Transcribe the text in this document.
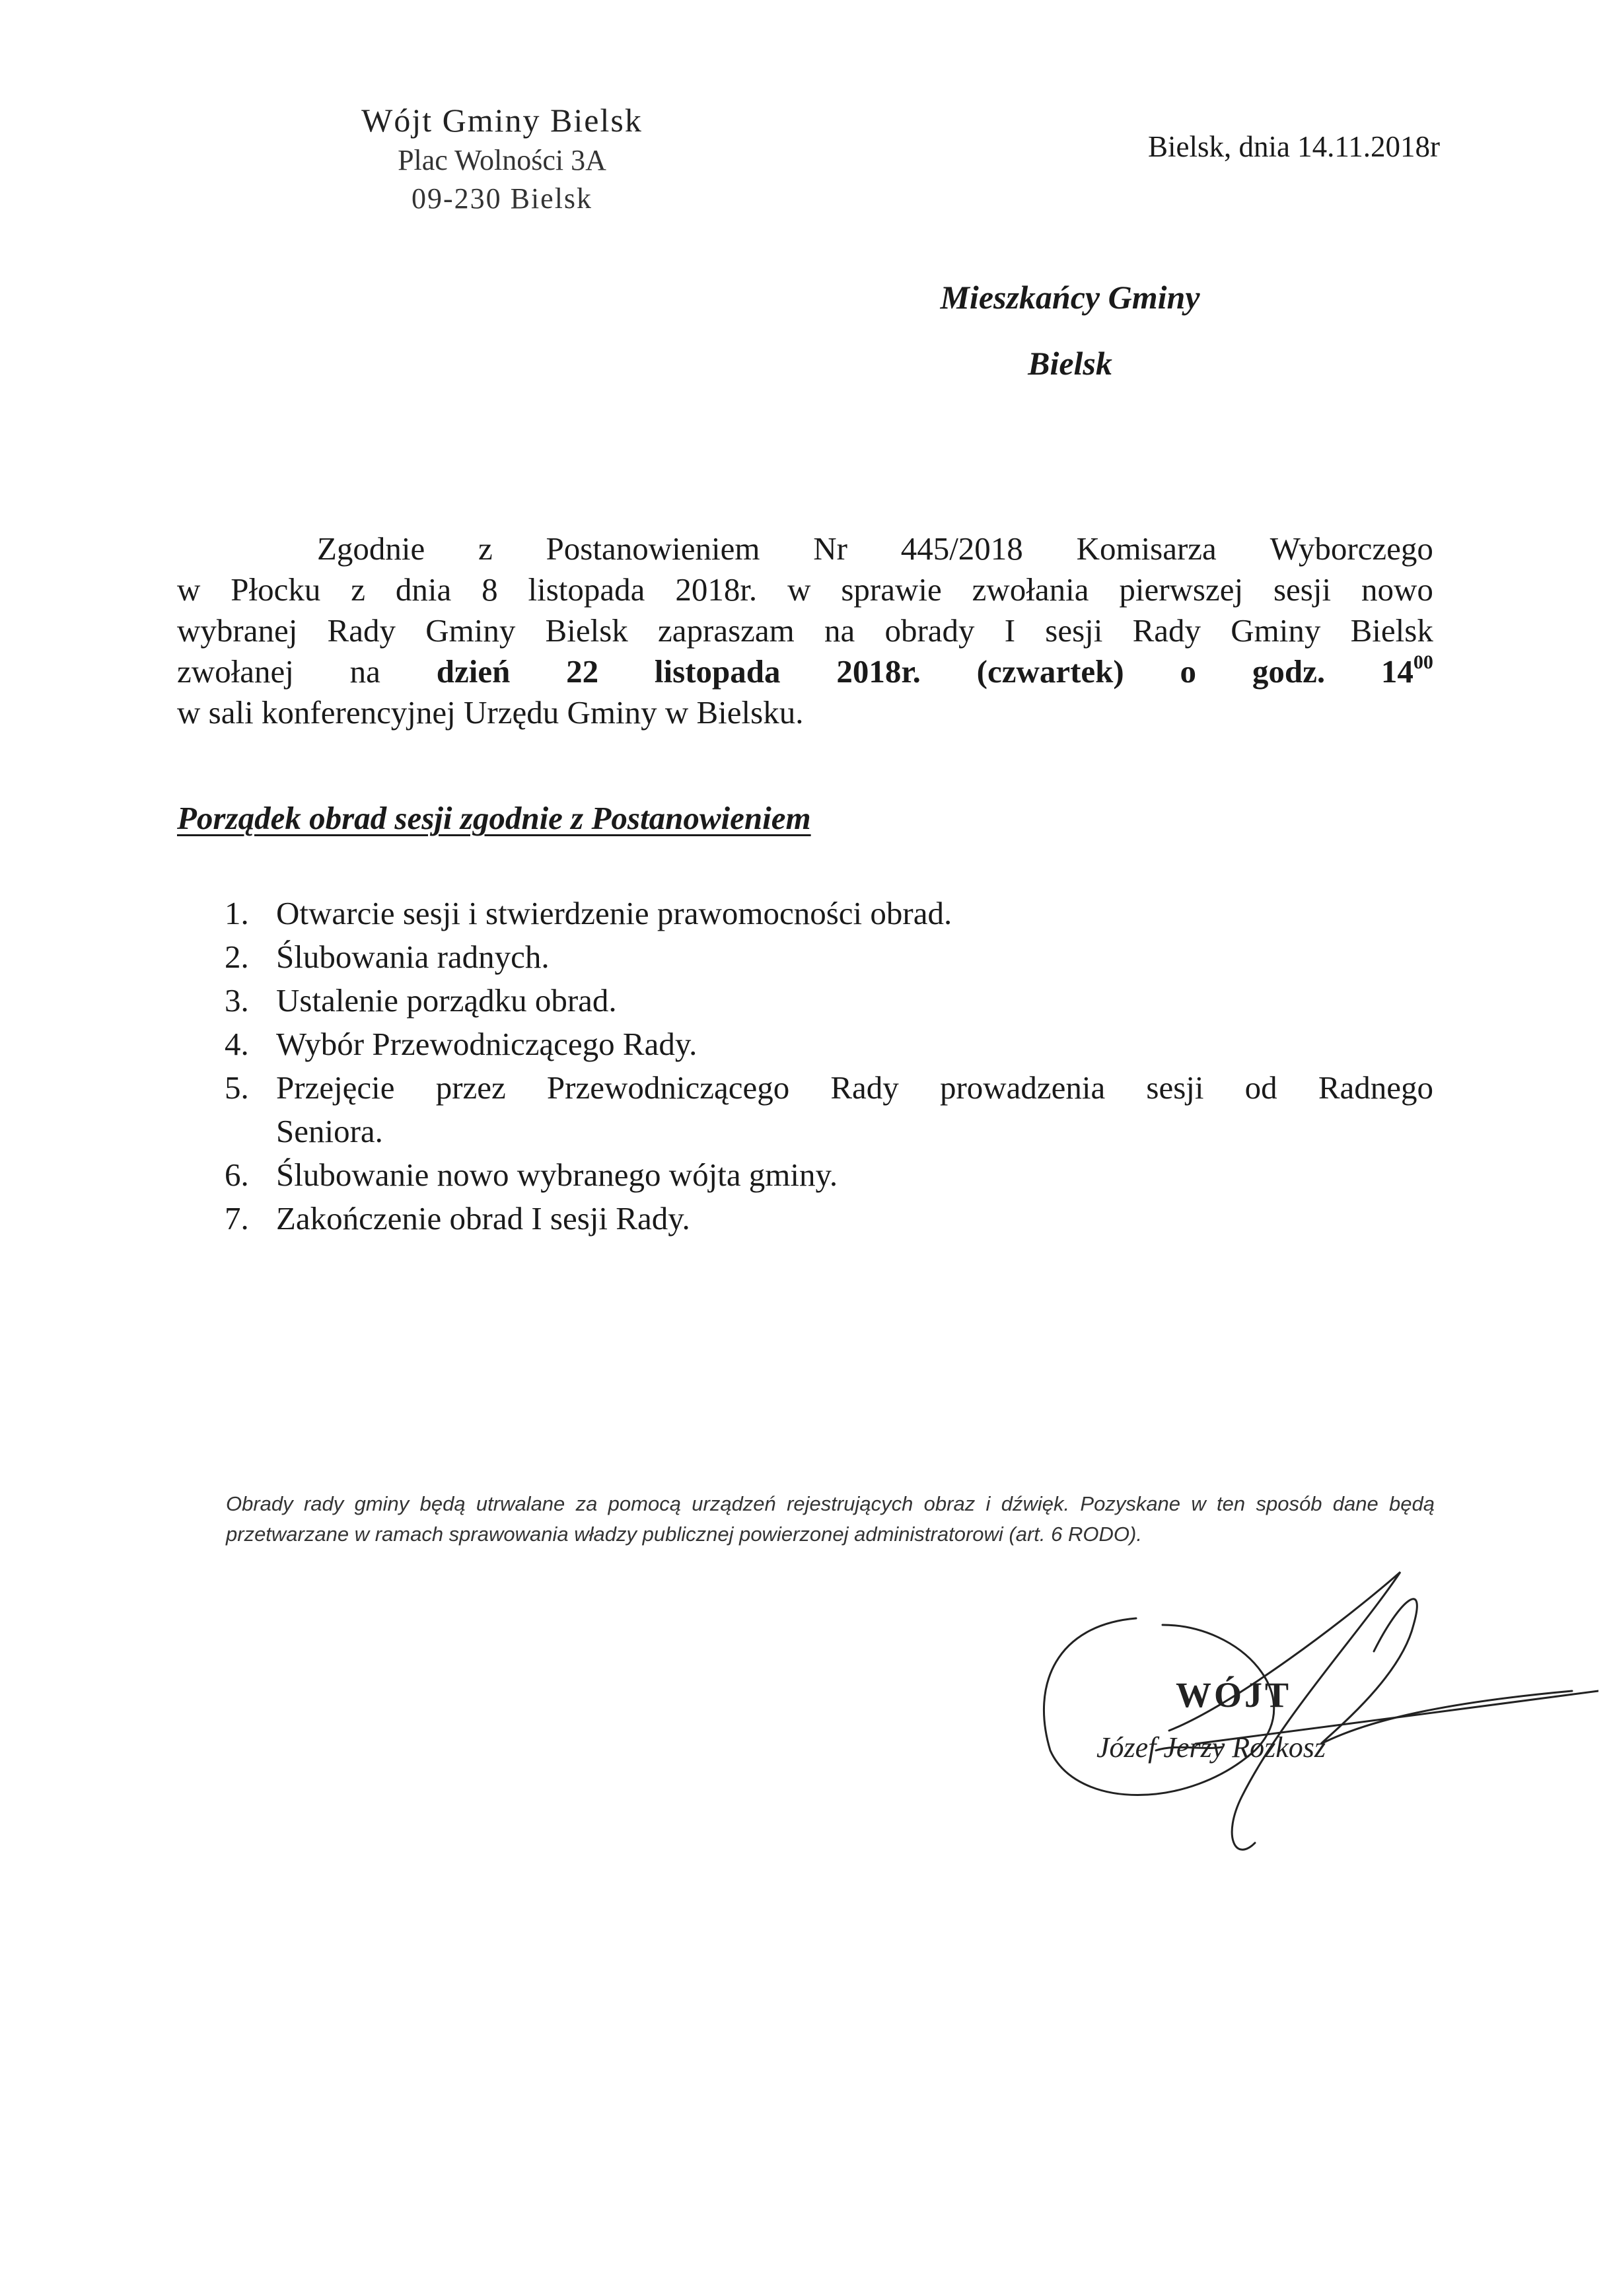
Wójt Gminy Bielsk
Plac Wolności 3A
09-230 Bielsk
Bielsk, dnia 14.11.2018r
Mieszkańcy Gminy
Bielsk
Zgodnie z Postanowieniem Nr 445/2018 Komisarza Wyborczego
w Płocku z dnia 8 listopada 2018r. w sprawie zwołania pierwszej sesji nowo
wybranej Rady Gminy Bielsk zapraszam na obrady I sesji Rady Gminy Bielsk
zwołanej na dzień 22 listopada 2018r. (czwartek) o godz. $14^{00}$
w sali konferencyjnej Urzędu Gminy w Bielsku.
Porządek obrad sesji zgodnie z Postanowieniem
1. Otwarcie sesji i stwierdzenie prawomocności obrad.
2. Ślubowania radnych.
3. Ustalenie porządku obrad.
4. Wybór Przewodniczącego Rady.
5. Przejęcie przez Przewodniczącego Rady prowadzenia sesji od Radnego
Seniora.
6. Ślubowanie nowo wybranego wójta gminy.
7. Zakończenie obrad I sesji Rady.
Obrady rady gminy będą utrwalane za pomocą urządzeń rejestrujących obraz i dźwięk. Pozyskane w ten sposób dane będą przetwarzane w ramach sprawowania władzy publicznej powierzonej administratorowi (art. 6 RODO).
WÓJT
Józef Jerzy Rozkosz
